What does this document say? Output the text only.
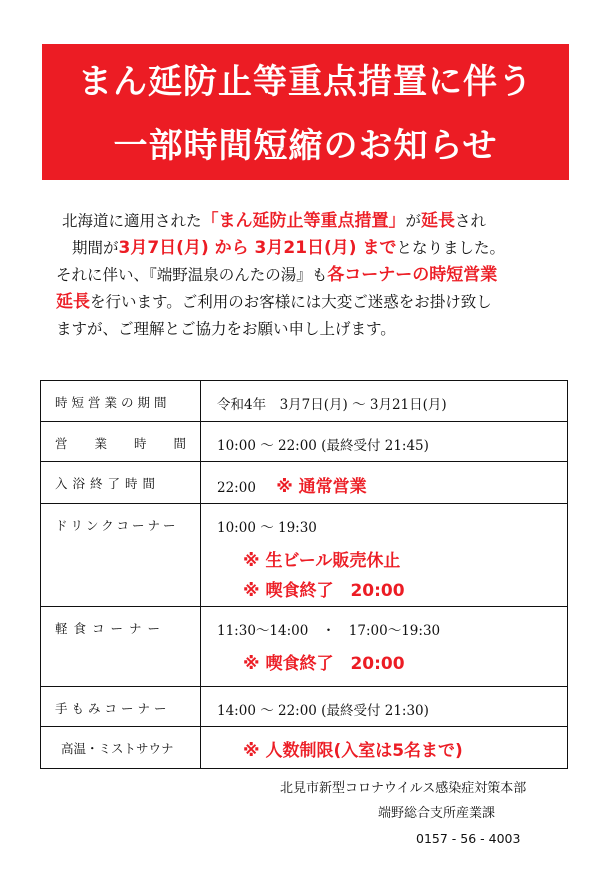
まん延防止等重点措置に伴う
一部時間短縮のお知らせ

北海道に適用された「まん延防止等重点措置」が延長され

期間が3月7日(月) から 3月21日(月) までとなりました。

それに伴い、『端野温泉のんたの湯』も各コーナーの時短営業

延長を行います。ご利用のお客様には大変ご迷惑をお掛け致し

ますが、ご理解とご協力をお願い申し上げます。

時短営業の期間	令和4年　3月7日(月) ～ 3月21日(月)

営 業 時 間	10:00 ～ 22:00 (最終受付 21:45)
入浴終了時間	22:00 ※ 通常営業
ドリンクコーナー	10:00 ～ 19:30
※ 生ビール販売休止
※ 喫食終了　20:00

軽食コーナー	11:30～14:00　・　17:00～19:30
※ 喫食終了　20:00

手もみコーナー	14:00 ～ 22:00 (最終受付 21:30)
高温・ミストサウナ	※ 人数制限(入室は5名まで)
北見市新型コロナウイルス感染症対策本部
端野総合支所産業課
0157 - 56 - 4003
